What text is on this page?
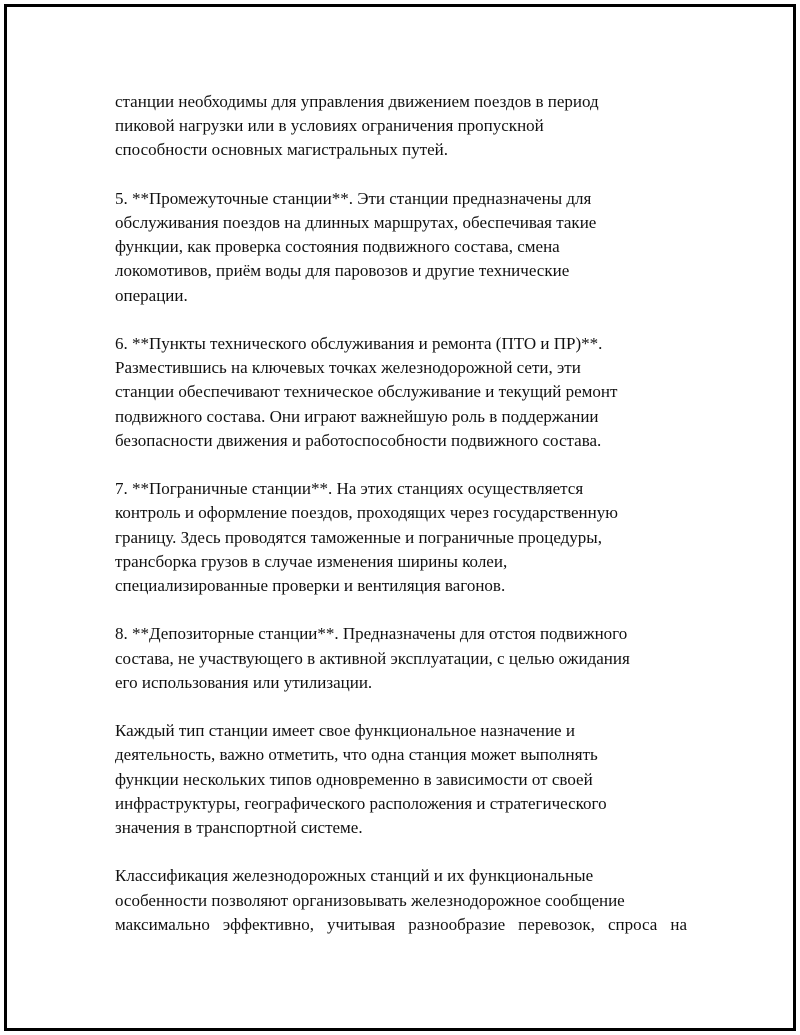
станции необходимы для управления движением поездов в период
пиковой нагрузки или в условиях ограничения пропускной
способности основных магистральных путей.

5. **Промежуточные станции**. Эти станции предназначены для
обслуживания поездов на длинных маршрутах, обеспечивая такие
функции, как проверка состояния подвижного состава, смена
локомотивов, приём воды для паровозов и другие технические
операции.

6. **Пункты технического обслуживания и ремонта (ПТО и ПР)**.
Разместившись на ключевых точках железнодорожной сети, эти
станции обеспечивают техническое обслуживание и текущий ремонт
подвижного состава. Они играют важнейшую роль в поддержании
безопасности движения и работоспособности подвижного состава.

7. **Пограничные станции**. На этих станциях осуществляется
контроль и оформление поездов, проходящих через государственную
границу. Здесь проводятся таможенные и пограничные процедуры,
трансборка грузов в случае изменения ширины колеи,
специализированные проверки и вентиляция вагонов.

8. **Депозиторные станции**. Предназначены для отстоя подвижного
состава, не участвующего в активной эксплуатации, с целью ожидания
его использования или утилизации.

Каждый тип станции имеет свое функциональное назначение и
деятельность, важно отметить, что одна станция может выполнять
функции нескольких типов одновременно в зависимости от своей
инфраструктуры, географического расположения и стратегического
значения в транспортной системе.

Классификация железнодорожных станций и их функциональные
особенности позволяют организовывать железнодорожное сообщение
максимально эффективно, учитывая разнообразие перевозок, спроса на
